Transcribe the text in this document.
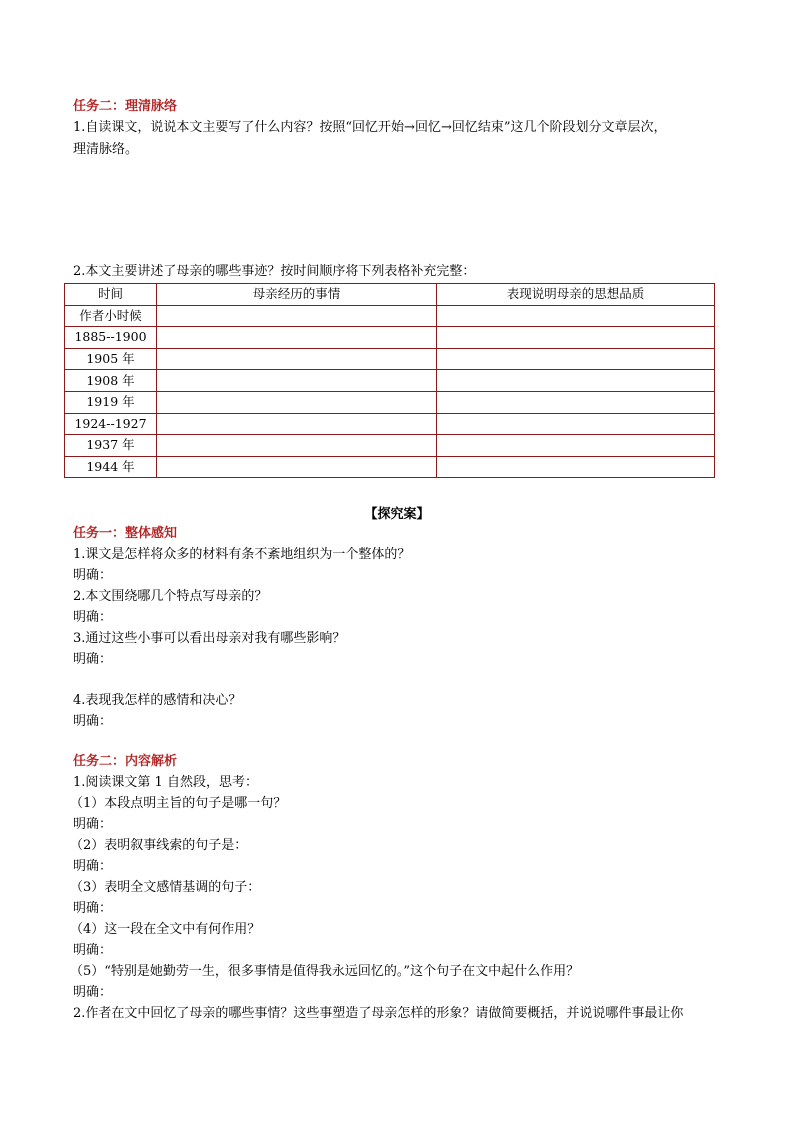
任务二：理清脉络
1.自读课文，说说本文主要写了什么内容？按照“回忆开始→回忆→回忆结束”这几个阶段划分文章层次，
理清脉络。
2.本文主要讲述了母亲的哪些事迹？按时间顺序将下列表格补充完整：
时间	母亲经历的事情	表现说明母亲的思想品质
作者小时候		
1885--1900		
1905 年		
1908 年		
1919 年		
1924--1927		
1937 年		
1944 年		
【探究案】
任务一：整体感知
1.课文是怎样将众多的材料有条不紊地组织为一个整体的？
明确：
2.本文围绕哪几个特点写母亲的？
明确：
3.通过这些小事可以看出母亲对我有哪些影响？
明确：
4.表现我怎样的感情和决心？
明确：
任务二：内容解析
1.阅读课文第 1 自然段，思考：
（1）本段点明主旨的句子是哪一句？
明确：
（2）表明叙事线索的句子是：
明确：
（3）表明全文感情基调的句子：
明确：
（4）这一段在全文中有何作用？
明确：
（5）“特别是她勤劳一生，很多事情是值得我永远回忆的。”这个句子在文中起什么作用？
明确：
2.作者在文中回忆了母亲的哪些事情？这些事塑造了母亲怎样的形象？请做简要概括，并说说哪件事最让你
